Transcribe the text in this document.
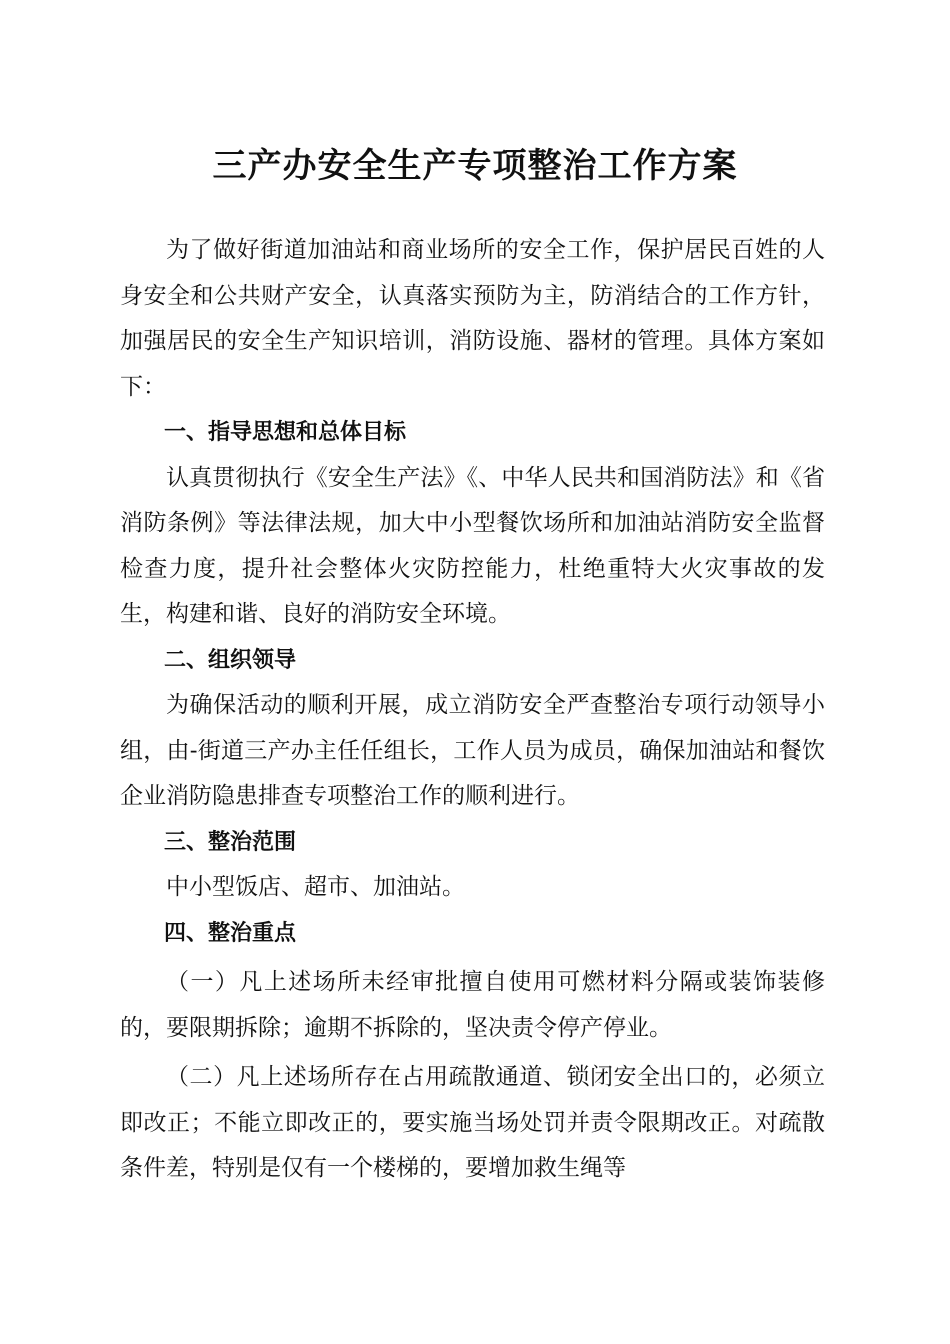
三产办安全生产专项整治工作方案

为了做好街道加油站和商业场所的安全工作，保护居民百姓的人身安全和公共财产安全，认真落实预防为主，防消结合的工作方针，加强居民的安全生产知识培训，消防设施、器材的管理。具体方案如下：

一、指导思想和总体目标

认真贯彻执行《安全生产法》《、中华人民共和国消防法》和《省消防条例》等法律法规，加大中小型餐饮场所和加油站消防安全监督检查力度，提升社会整体火灾防控能力，杜绝重特大火灾事故的发生，构建和谐、良好的消防安全环境。

二、组织领导

为确保活动的顺利开展，成立消防安全严查整治专项行动领导小组，由-街道三产办主任任组长，工作人员为成员，确保加油站和餐饮企业消防隐患排查专项整治工作的顺利进行。

三、整治范围

中小型饭店、超市、加油站。

四、整治重点

（一）凡上述场所未经审批擅自使用可燃材料分隔或装饰装修的，要限期拆除；逾期不拆除的，坚决责令停产停业。

（二）凡上述场所存在占用疏散通道、锁闭安全出口的，必须立即改正；不能立即改正的，要实施当场处罚并责令限期改正。对疏散条件差，特别是仅有一个楼梯的，要增加救生绳等
